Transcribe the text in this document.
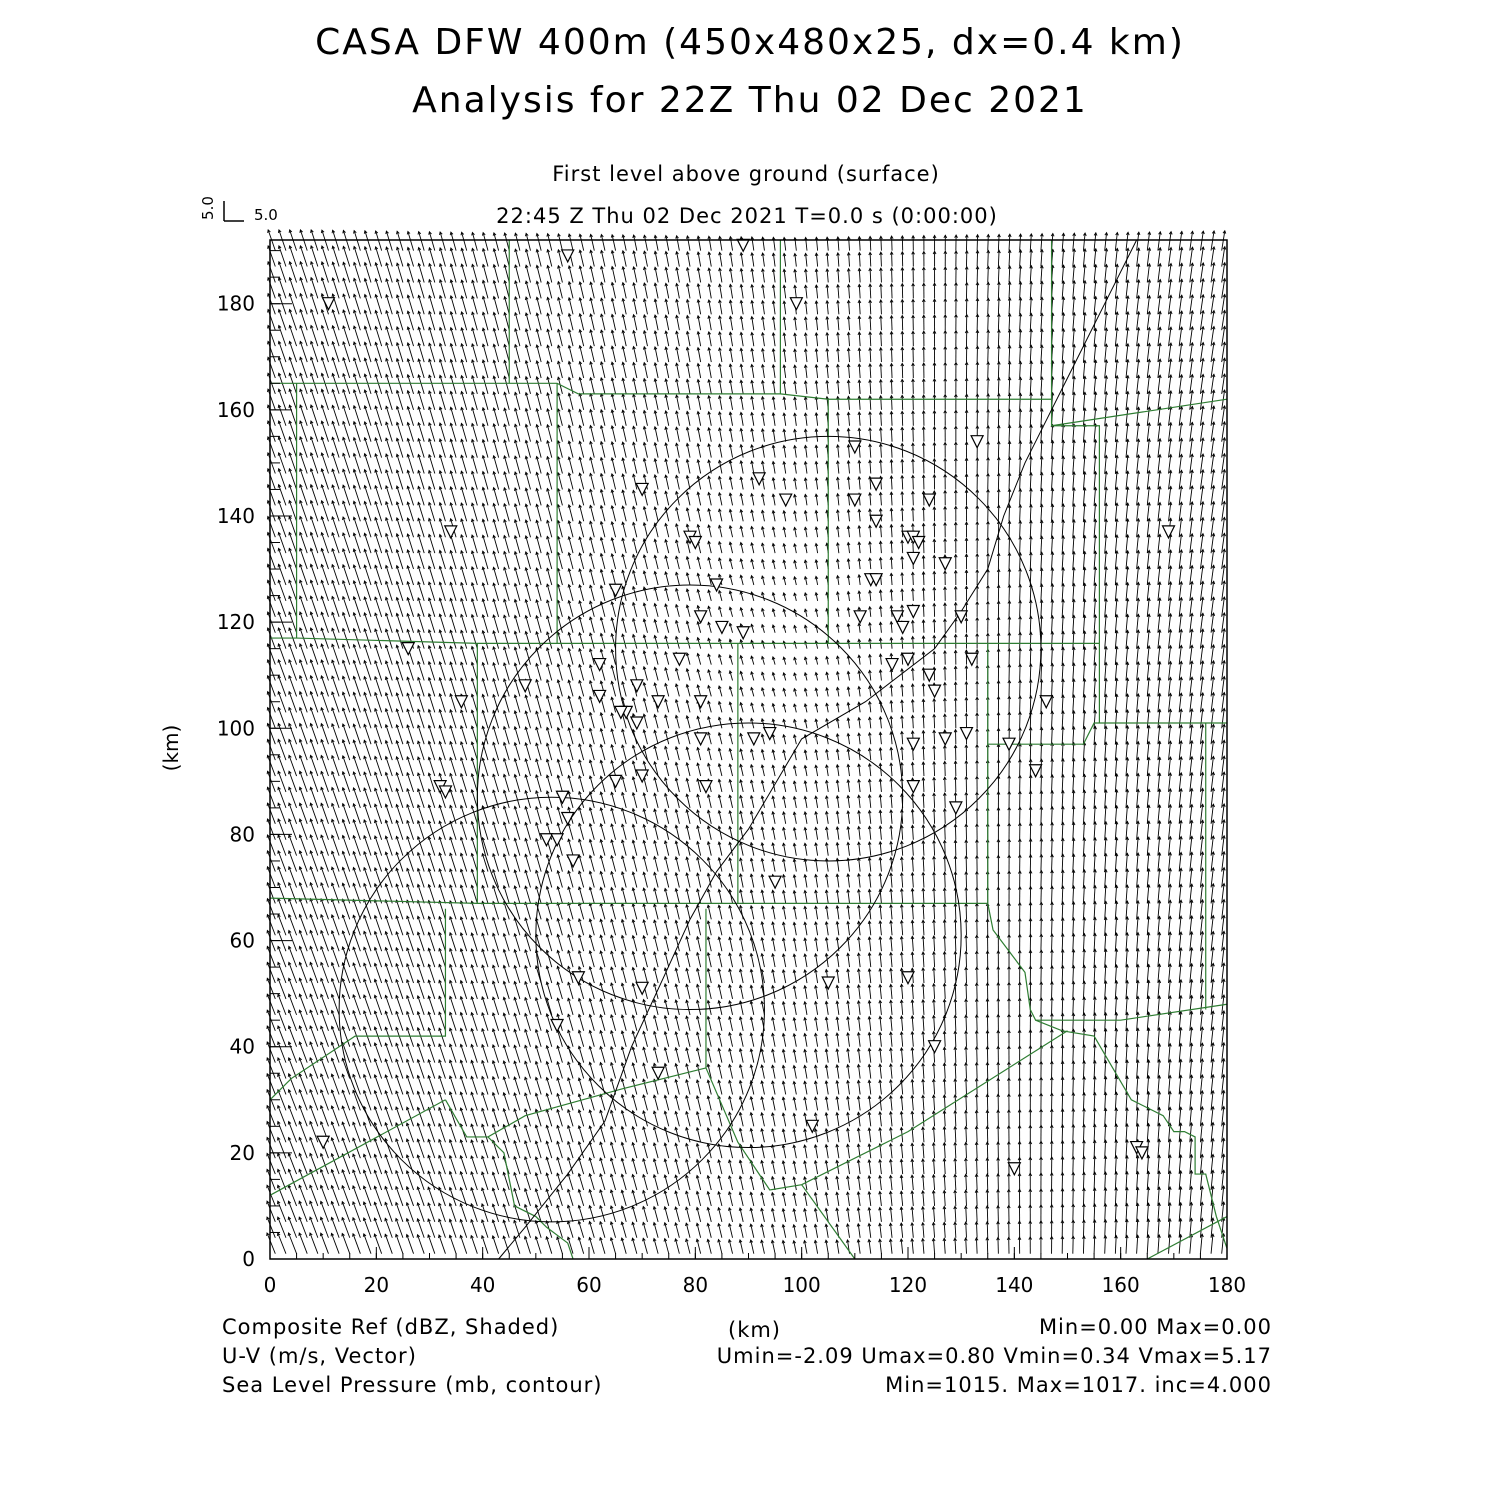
CASA DFW 400m (450x480x25, dx=0.4 km)
Analysis for 22Z Thu 02 Dec 2021
First level above ground (surface)
22:45 Z Thu 02 Dec 2021 T=0.0 s (0:00:00)
Composite Ref (dBZ, Shaded)	(km)	Min=0.00 Max=0.00
U-V (m/s, Vector)	Umin=-2.09 Umax=0.80 Vmin=0.34 Vmax=5.17
Sea Level Pressure (mb, contour)	Min=1015. Max=1017. inc=4.000
0	20	40	60	80	100	120	140	160	180
0
20
40
60
80
100
120
140
160
180
(km)
5.0
5.0
